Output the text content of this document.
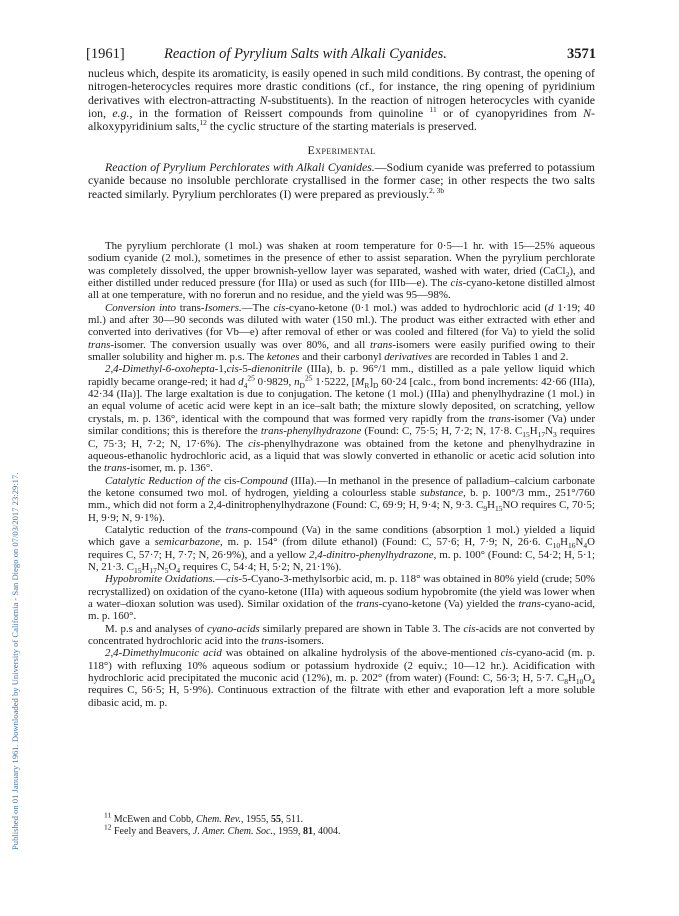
Published on 01 January 1961. Downloaded by University of California - San Diego on 07/03/2017 23:29:17.
[1961]	Reaction of Pyrylium Salts with Alkali Cyanides.	3571

nucleus which, despite its aromaticity, is easily opened in such mild conditions. By contrast, the opening of nitrogen-heterocycles requires more drastic conditions (cf., for instance, the ring opening of pyridinium derivatives with electron-attracting N-substituents). In the reaction of nitrogen heterocycles with cyanide ion, e.g., in the formation of Reissert compounds from quinoline $^{11}$ or of cyanopyridines from N-alkoxypyridinium salts,$^{12}$ the cyclic structure of the starting materials is preserved.

Experimental

Reaction of Pyrylium Perchlorates with Alkali Cyanides.—Sodium cyanide was preferred to potassium cyanide because no insoluble perchlorate crystallised in the former case; in other respects the two salts reacted similarly. Pyrylium perchlorates (I) were prepared as previously.$^{2, 3b}$

The pyrylium perchlorate (1 mol.) was shaken at room temperature for 0·5—1 hr. with 15—25% aqueous sodium cyanide (2 mol.), sometimes in the presence of ether to assist separation. When the pyrylium perchlorate was completely dissolved, the upper brownish-yellow layer was separated, washed with water, dried (CaCl$_2$), and either distilled under reduced pressure (for IIIa) or used as such (for IIIb—e). The cis-cyano-ketone distilled almost all at one temperature, with no forerun and no residue, and the yield was 95—98%.

Conversion into trans-Isomers.—The cis-cyano-ketone (0·1 mol.) was added to hydrochloric acid (d 1·19; 40 ml.) and after 30—90 seconds was diluted with water (150 ml.). The product was either extracted with ether and converted into derivatives (for Vb—e) after removal of ether or was cooled and filtered (for Va) to yield the solid trans-isomer. The conversion usually was over 80%, and all trans-isomers were easily purified owing to their smaller solubility and higher m. p.s. The ketones and their carbonyl derivatives are recorded in Tables 1 and 2.

2,4-Dimethyl-6-oxohepta-1,cis-5-dienonitrile (IIIa), b. p. 96°/1 mm., distilled as a pale yellow liquid which rapidly became orange-red; it had $d_4^{25}$ 0·9829, $n_D^{25}$ 1·5222, $[M_R]_D$ 60·24 [calc., from bond increments: 42·66 (IIIa), 42·34 (IIa)]. The large exaltation is due to conjugation. The ketone (1 mol.) (IIIa) and phenylhydrazine (1 mol.) in an equal volume of acetic acid were kept in an ice–salt bath; the mixture slowly deposited, on scratching, yellow crystals, m. p. 136°, identical with the compound that was formed very rapidly from the trans-isomer (Va) under similar conditions; this is therefore the trans-phenylhydrazone (Found: C, 75·5; H, 7·2; N, 17·8. $C_{15}H_{17}N_3$ requires C, 75·3; H, 7·2; N, 17·6%). The cis-phenylhydrazone was obtained from the ketone and phenylhydrazine in aqueous-ethanolic hydrochloric acid, as a liquid that was slowly converted in ethanolic or acetic acid solution into the trans-isomer, m. p. 136°.

Catalytic Reduction of the cis-Compound (IIIa).—In methanol in the presence of palladium–calcium carbonate the ketone consumed two mol. of hydrogen, yielding a colourless stable substance, b. p. 100°/3 mm., 251°/760 mm., which did not form a 2,4-dinitrophenylhydrazone (Found: C, 69·9; H, 9·4; N, 9·3. $C_9H_{15}NO$ requires C, 70·5; H, 9·9; N, 9·1%).

Catalytic reduction of the trans-compound (Va) in the same conditions (absorption 1 mol.) yielded a liquid which gave a semicarbazone, m. p. 154° (from dilute ethanol) (Found: C, 57·6; H, 7·9; N, 26·6. $C_{10}H_{16}N_4O$ requires C, 57·7; H, 7·7; N, 26·9%), and a yellow 2,4-dinitro-phenylhydrazone, m. p. 100° (Found: C, 54·2; H, 5·1; N, 21·3. $C_{15}H_{17}N_5O_4$ requires C, 54·4; H, 5·2; N, 21·1%).

Hypobromite Oxidations.—cis-5-Cyano-3-methylsorbic acid, m. p. 118° was obtained in 80% yield (crude; 50% recrystallized) on oxidation of the cyano-ketone (IIIa) with aqueous sodium hypobromite (the yield was lower when a water–dioxan solution was used). Similar oxidation of the trans-cyano-ketone (Va) yielded the trans-cyano-acid, m. p. 160°.

M. p.s and analyses of cyano-acids similarly prepared are shown in Table 3. The cis-acids are not converted by concentrated hydrochloric acid into the trans-isomers.

2,4-Dimethylmuconic acid was obtained on alkaline hydrolysis of the above-mentioned cis-cyano-acid (m. p. 118°) with refluxing 10% aqueous sodium or potassium hydroxide (2 equiv.; 10—12 hr.). Acidification with hydrochloric acid precipitated the muconic acid (12%), m. p. 202° (from water) (Found: C, 56·3; H, 5·7. $C_8H_{10}O_4$ requires C, 56·5; H, 5·9%). Continuous extraction of the filtrate with ether and evaporation left a more soluble dibasic acid, m. p.

$^{11}$ McEwen and Cobb, Chem. Rev., 1955, 55, 511.

$^{12}$ Feely and Beavers, J. Amer. Chem. Soc., 1959, 81, 4004.
